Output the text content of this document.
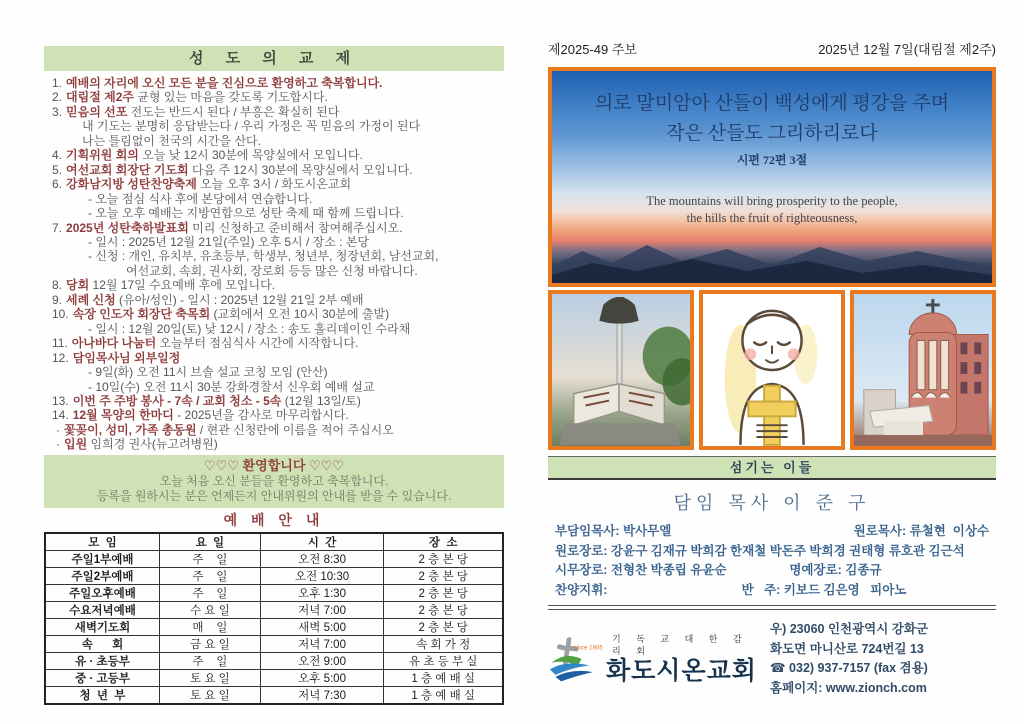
성 도 의 교 제
1. 예배의 자리에 오신 모든 분을 진심으로 환영하고 축복합니다.
2. 대림절 제2주 균형 있는 마음을 갖도록 기도합시다.
3. 믿음의 선포 전도는 반드시 된다 / 부흥은 확실히 된다
내 기도는 분명히 응답받는다 / 우리 가정은 꼭 믿음의 가정이 된다
나는 틀림없이 천국의 시간을 산다.
4. 기획위원 회의 오늘 낮 12시 30분에 목양실에서 모입니다.
5. 여선교회 회장단 기도회 다음 주 12시 30분에 목양실에서 모입니다.
6. 강화남지방 성탄찬양축제 오늘 오후 3시 / 화도시온교회
- 오늘 점심 식사 후에 본당에서 연습합니다.
- 오늘 오후 예배는 지방연합으로 성탄 축제 때 함께 드립니다.
7. 2025년 성탄축하발표회 미리 신청하고 준비해서 참여해주십시오.
- 일시 : 2025년 12월 21일(주일) 오후 5시 / 장소 : 본당
- 신청 : 개인, 유치부, 유초등부, 학생부, 청년부, 청장년회, 남선교회,
여선교회, 속회, 권사회, 장로회 등등 많은 신청 바랍니다.
8. 당회 12월 17일 수요예배 후에 모입니다.
9. 세례 신청 (유아/성인) - 일시 : 2025년 12월 21일 2부 예배
10. 속장 인도자 회장단 축목회 (교회에서 오전 10시 30분에 출발)
- 일시 : 12월 20일(토) 낮 12시 / 장소 : 송도 홀리데이인 수라채
11. 아나바다 나눔터 오늘부터 점심식사 시간에 시작합니다.
12. 담임목사님 외부일정
- 9일(화) 오전 11시 브솔 설교 코칭 모임 (안산)
- 10일(수) 오전 11시 30분 강화경찰서 신우회 예배 설교
13. 이번 주 주방 봉사 - 7속 / 교회 청소 - 5속 (12월 13일/토)
14. 12월 목양의 한마디 - 2025년을 감사로 마무리합시다.
· 꽃꽂이, 성미, 가족 총동원 / 현관 신청란에 이름을 적어 주십시오
· 입원 임희경 권사(뉴고려병원)
♡♡♡ 환영합니다 ♡♡♡
오늘 처음 오신 분들을 환영하고 축복합니다.
등록을 원하시는 분은 언제든지 안내위원의 안내를 받을 수 있습니다.
예 배 안 내
모  임	요  일	시  간	장  소
주일1부예배	주    일	오전 8:30	2 층 본 당
주일2부예배	주    일	오전 10:30	2 층 본 당
주일오후예배	주    일	오후 1:30	2 층 본 당
수요저녁예배	수 요 일	저녁 7:00	2 층 본 당
새벽기도회	매    일	새벽 5:00	2 층 본 당
속      회	금 요 일	저녁 7:00	속 회 가 정
유 · 초등부	주    일	오전 9:00	유 초 등 부 실
중 · 고등부	토 요 일	오후 5:00	1 층 예 배 실
청  년  부	토 요 일	저녁 7:30	1 층 예 배 실
제2025-49 주보	2025년 12월 7일(대림절 제2주)
의로 말미암아 산들이 백성에게 평강을 주며
작은 산들도 그리하리로다
시편 72편 3절
The mountains will bring prosperity to the people,
the hills the fruit of righteousness,
섬기는 이들
담임 목사 이 준 구
부담임목사: 박사무엘	원로목사: 류철현  이상수
원로장로: 강윤구 김재규 박희감 한재철 박돈주 박희경 권태형 류호관 김근석
시무장로: 전형찬 박종립 유윤순	명예장로: 김종규
찬양지휘:	반   주: 키보드 김은영   피아노
since 1905
기 독 교 대 한 감 리 회
화도시온교회
우) 23060 인천광역시 강화군
화도면 마니산로 724번길 13
☎ 032) 937-7157 (fax 겸용)
홈페이지: www.zionch.com
